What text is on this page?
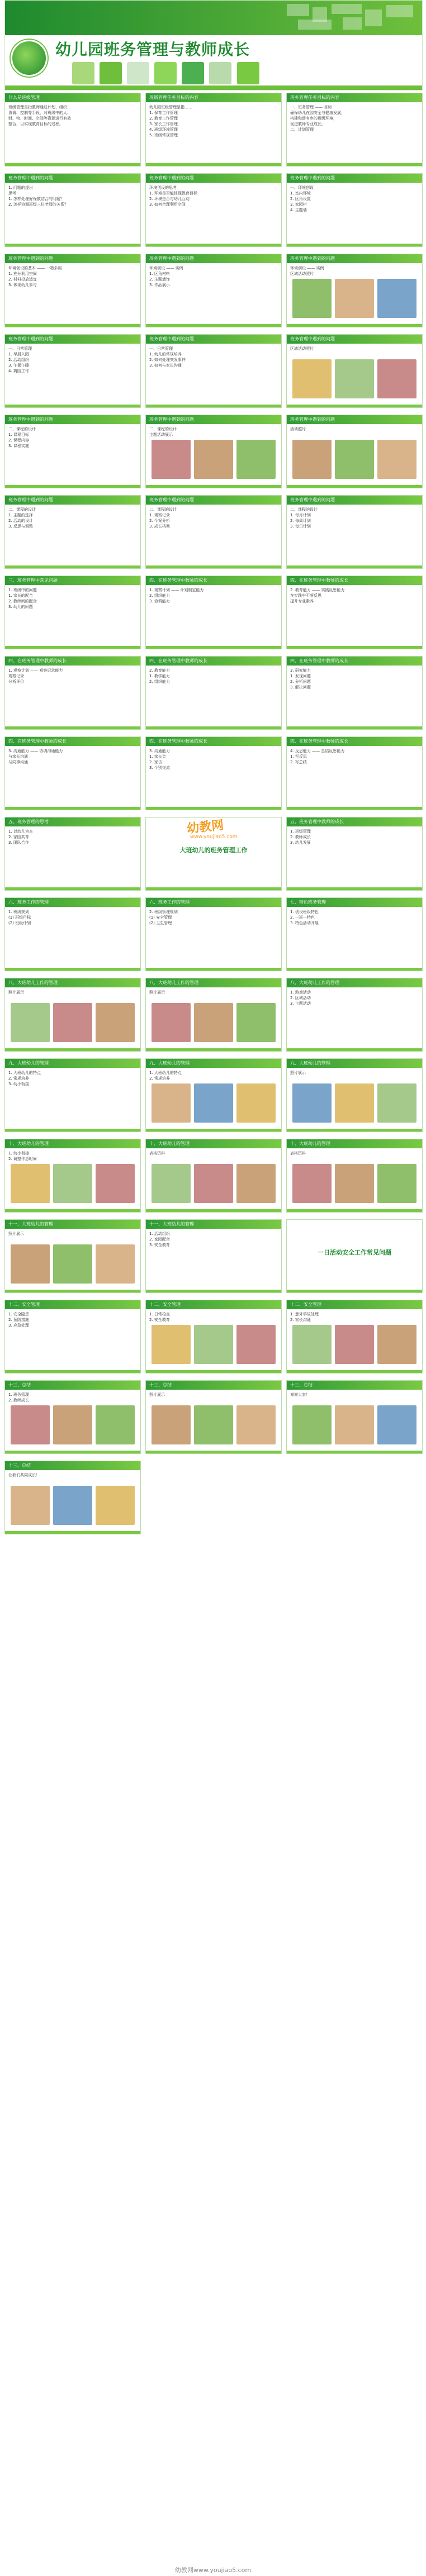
幼儿园班务管理与教师成长

什么是班级管理
班级管理是指教师通过计划、组织、
协调、控制等手段，对班级中的人、
财、物、时间、空间等资源进行有效
整合，以实现教育目标的过程。
班级管理任务目标的内容
幼儿园班级管理是指……
1. 保育工作管理
2. 教育工作管理
3. 家长工作管理
4. 班级环境管理
5. 班级常规管理
班务管理任务目标的内容
一、班务管理 —— 目标
确保幼儿在园安全与健康发展，
构建和谐有序的班级环境，
促进教师专业成长。
二、计划管理
班务管理中遇到的问题
1. 问题的提出
思考：
1. 怎样处理好保教结合的问题？
2. 怎样协调班级三位老师的关系？
班务管理中遇到的问题
环境创设的思考
1. 环境是否能体现教育目标
2. 环境是否与幼儿互动
3. 如何合理利用空间
班务管理中遇到的问题
一、环境创设
1. 室内环境
2. 区角设置
3. 家园栏
4. 主题墙
班务管理中遇到的问题
环境创设的基本 —— 一物多用
1. 充分利用空间
2. 材料投放适宜
3. 体现幼儿参与
班务管理中遇到的问题
环境创设 —— 实例
1. 区角材料
2. 主题墙饰
3. 作品展示
班务管理中遇到的问题
环境创设 —— 实例
区域活动照片
班务管理中遇到的问题
一、日常管理
1. 早晨入园
2. 活动组织
3. 午餐午睡
4. 离园工作
班务管理中遇到的问题
一、日常管理
1. 幼儿的常规培养
2. 如何处理突发事件
3. 如何与家长沟通
班务管理中遇到的问题
区域活动照片
班务管理中遇到的问题
二、课程的设计
1. 课程目标
2. 课程内容
3. 课程实施
班务管理中遇到的问题
二、课程的设计
主题活动展示
班务管理中遇到的问题
活动照片
班务管理中遇到的问题
二、课程的设计
1. 主题的选择
2. 活动的设计
3. 反思与调整
班务管理中遇到的问题
二、课程的设计
1. 观察记录
2. 个案分析
3. 成长档案
班务管理中遇到的问题
二、课程的设计
1. 每月计划
2. 每周计划
3. 每日计划
三、班务管理中常见问题
1. 班级中的问题
1. 家长的配合
2. 教师间的配合
3. 幼儿的问题
四、在班务管理中教师的成长
1. 观察计划 —— 计划制定能力
2. 组织能力
3. 协调能力
四、在班务管理中教师的成长
2. 教育能力 —— 实践反思能力
在实践中不断反思
提升专业素养
四、在班务管理中教师的成长
1. 观察计划 —— 观察记录能力
观察记录
分析评价
四、在班务管理中教师的成长
2. 教育能力
1. 教学能力
2. 组织能力
四、在班务管理中教师的成长
3. 研究能力
1. 发现问题
2. 分析问题
3. 解决问题
四、在班务管理中教师的成长
3. 沟通能力 —— 协调沟通能力
与家长沟通
与同事沟通
四、在班务管理中教师的成长
3. 沟通能力
1. 家长会
2. 家访
3. 个别交流
四、在班务管理中教师的成长
4. 反思能力 —— 总结反思能力
1. 写反思
2. 写总结
五、班务管理的思考
1. 以幼儿为本
2. 家园共育
3. 团队合作
大班幼儿的班务管理工作
五、班务管理中教师的成长
1. 班级管理
2. 教师成长
3. 幼儿发展
六、班务工作的管理
1. 班级规划
(1) 班级目标
(2) 班级计划
六、班务工作的管理
2. 班级管理规划
(1) 安全管理
(2) 卫生管理
七、特色班务管理
1. 创设班级特色
2. 一班一特色
3. 特色活动开展
八、大班幼儿工作的管理
照片展示
八、大班幼儿工作的管理
照片展示
八、大班幼儿工作的管理
1. 游戏活动
2. 区域活动
3. 主题活动
九、大班幼儿的管理
1. 大班幼儿的特点
2. 常规培养
3. 幼小衔接
九、大班幼儿的管理
1. 大班幼儿的特点
2. 常规培养
九、大班幼儿的管理
照片展示
十、大班幼儿的管理
1. 幼小衔接
2. 调整作息时间
十、大班幼儿的管理
表格资料
十、大班幼儿的管理
表格资料
十一、大班幼儿的管理
照片展示
十一、大班幼儿的管理
1. 活动组织
2. 家园配合
3. 安全教育
一日活动安全工作常见问题
十二、安全管理
1. 安全隐患
2. 预防措施
3. 应急处理
十二、安全管理
1. 日常检查
2. 安全教育
十二、安全管理
1. 意外事故处理
2. 家长沟通
十三、总结
1. 班务管理
2. 教师成长
十三、总结
照片展示
十三、总结
谢谢大家！
十三、总结
让我们共同成长！
幼教网
www.youjiao5.com
幼教网www.youjiao5.com
